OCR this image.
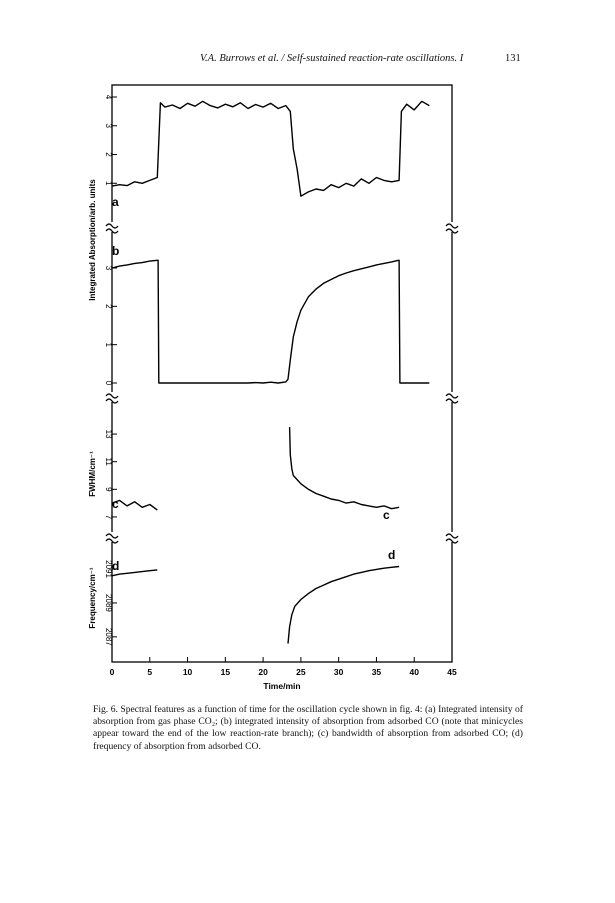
V.A. Burrows et al. / Self-sustained reaction-rate oscillations. I	131
1
2
3
4
a
0
1
2
3
b
7
9
11
13
c
c
2087
2089
2091 d
d
Integrated Absorption/arb. units
FWHM/cm⁻¹
Frequency/cm⁻¹
0	5	10	15	20	25	30	35	40	45
Time/min
Fig. 6. Spectral features as a function of time for the oscillation cycle shown in fig. 4: (a) Integrated intensity of absorption from gas phase CO₂; (b) integrated intensity of absorption from adsorbed CO (note that minicycles appear toward the end of the low reaction-rate branch); (c) bandwidth of absorption from adsorbed CO; (d) frequency of absorption from adsorbed CO.
